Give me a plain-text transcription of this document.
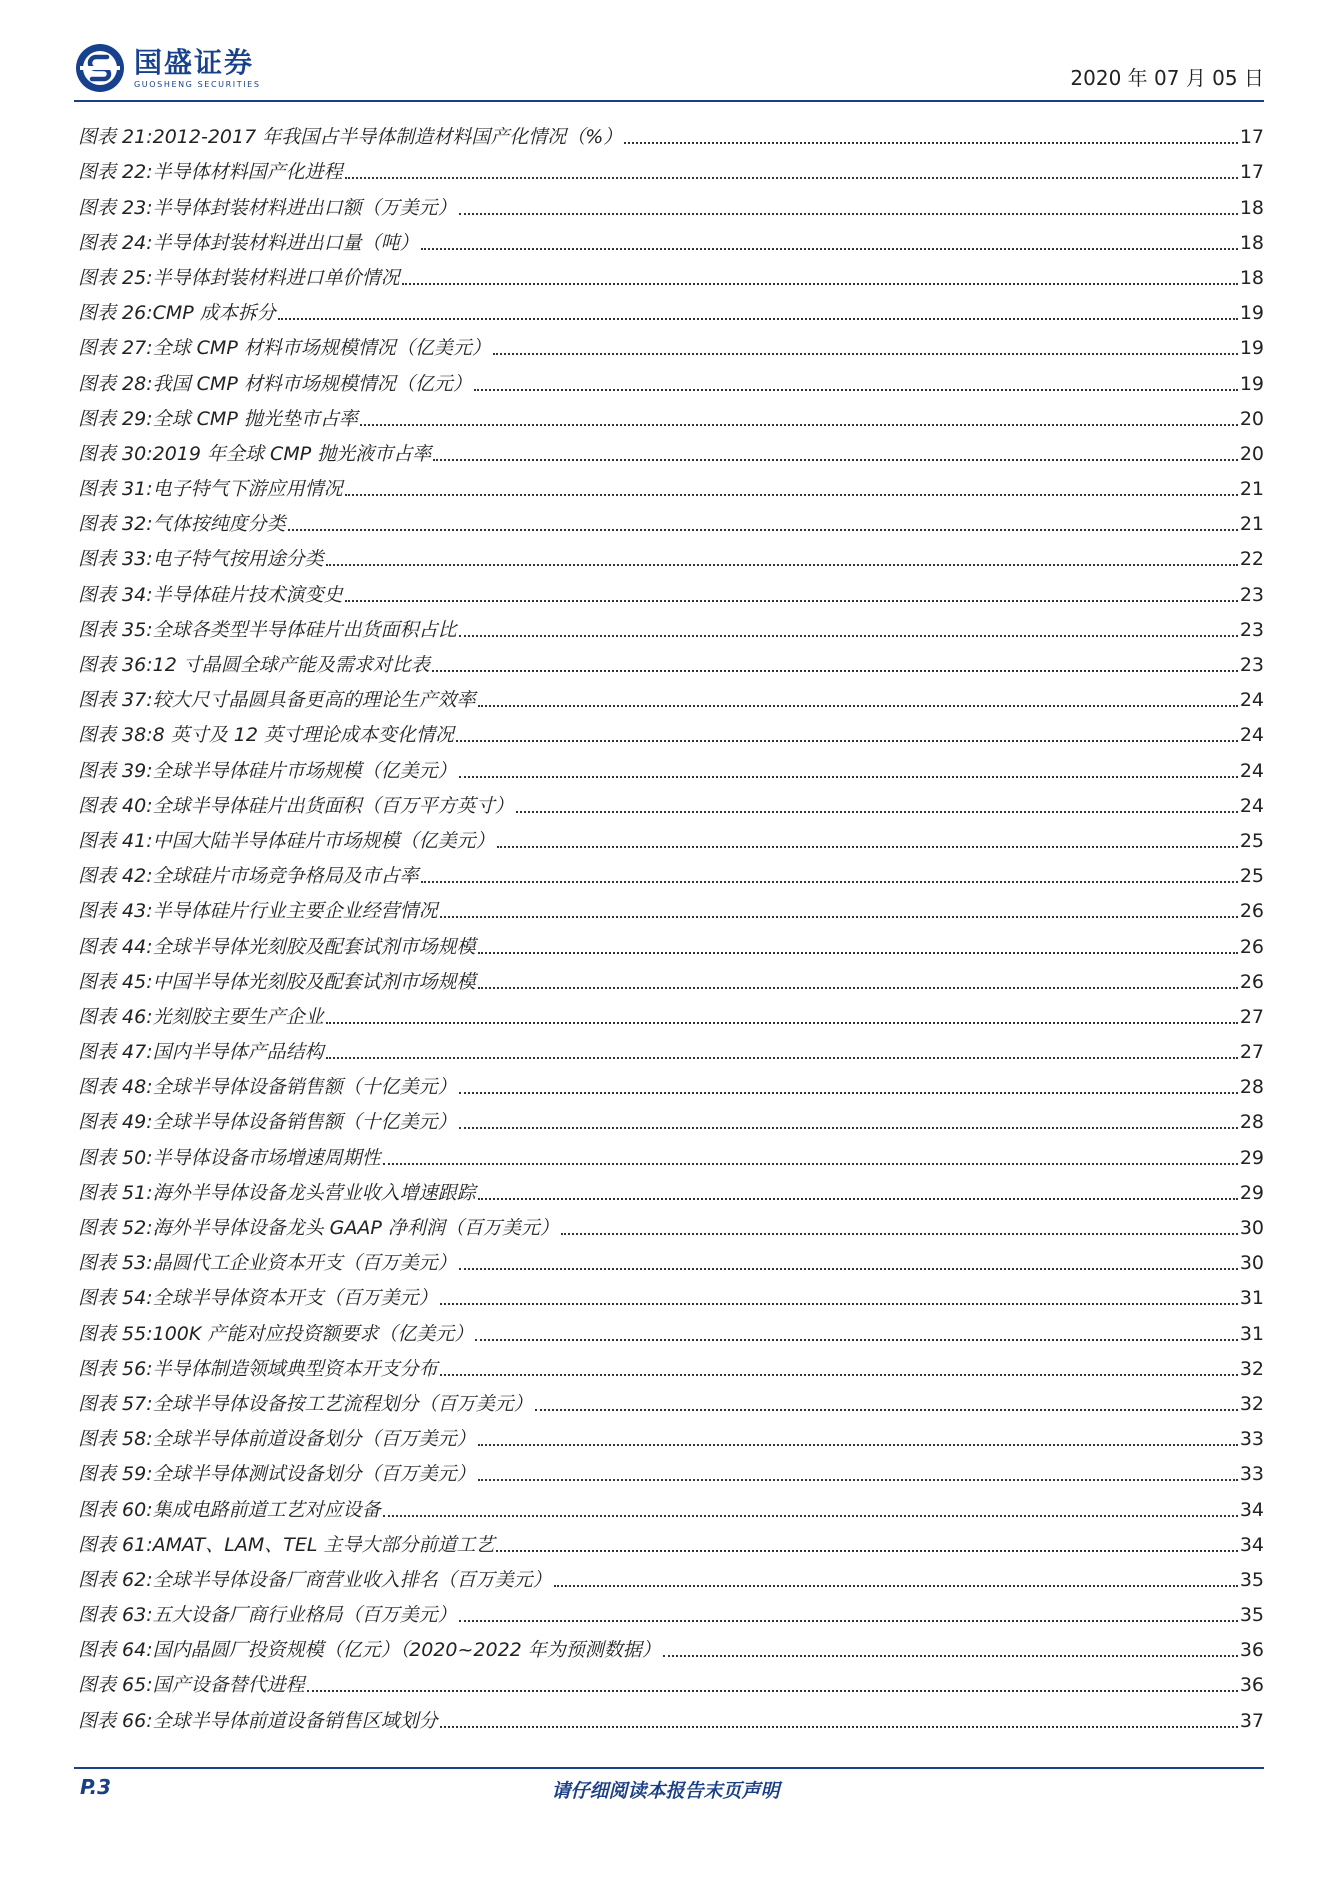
国盛证券
GUOSHENG SECURITIES	2020 年 07 月 05 日
图表 21: 2012-2017 年我国占半导体制造材料国产化情况（%）	17
图表 22: 半导体材料国产化进程	17
图表 23: 半导体封装材料进出口额（万美元）	18
图表 24: 半导体封装材料进出口量（吨）	18
图表 25: 半导体封装材料进口单价情况	18
图表 26: CMP 成本拆分	19
图表 27: 全球 CMP 材料市场规模情况（亿美元）	19
图表 28: 我国 CMP 材料市场规模情况（亿元）	19
图表 29: 全球 CMP 抛光垫市占率	20
图表 30: 2019 年全球 CMP 抛光液市占率	20
图表 31: 电子特气下游应用情况	21
图表 32: 气体按纯度分类	21
图表 33: 电子特气按用途分类	22
图表 34: 半导体硅片技术演变史	23
图表 35: 全球各类型半导体硅片出货面积占比	23
图表 36: 12 寸晶圆全球产能及需求对比表	23
图表 37: 较大尺寸晶圆具备更高的理论生产效率	24
图表 38: 8 英寸及 12 英寸理论成本变化情况	24
图表 39: 全球半导体硅片市场规模（亿美元）	24
图表 40: 全球半导体硅片出货面积（百万平方英寸）	24
图表 41: 中国大陆半导体硅片市场规模（亿美元）	25
图表 42: 全球硅片市场竞争格局及市占率	25
图表 43: 半导体硅片行业主要企业经营情况	26
图表 44: 全球半导体光刻胶及配套试剂市场规模	26
图表 45: 中国半导体光刻胶及配套试剂市场规模	26
图表 46: 光刻胶主要生产企业	27
图表 47: 国内半导体产品结构	27
图表 48: 全球半导体设备销售额（十亿美元）	28
图表 49: 全球半导体设备销售额（十亿美元）	28
图表 50: 半导体设备市场增速周期性	29
图表 51: 海外半导体设备龙头营业收入增速跟踪	29
图表 52: 海外半导体设备龙头 GAAP 净利润（百万美元）	30
图表 53: 晶圆代工企业资本开支（百万美元）	30
图表 54: 全球半导体资本开支（百万美元）	31
图表 55: 100K 产能对应投资额要求（亿美元）	31
图表 56: 半导体制造领域典型资本开支分布	32
图表 57: 全球半导体设备按工艺流程划分（百万美元）	32
图表 58: 全球半导体前道设备划分（百万美元）	33
图表 59: 全球半导体测试设备划分（百万美元）	33
图表 60: 集成电路前道工艺对应设备	34
图表 61: AMAT、LAM、TEL 主导大部分前道工艺	34
图表 62: 全球半导体设备厂商营业收入排名（百万美元）	35
图表 63: 五大设备厂商行业格局（百万美元）	35
图表 64: 国内晶圆厂投资规模（亿元）（2020~2022 年为预测数据）	36
图表 65: 国产设备替代进程	36
图表 66: 全球半导体前道设备销售区域划分	37
请仔细阅读本报告末页声明
P.3
